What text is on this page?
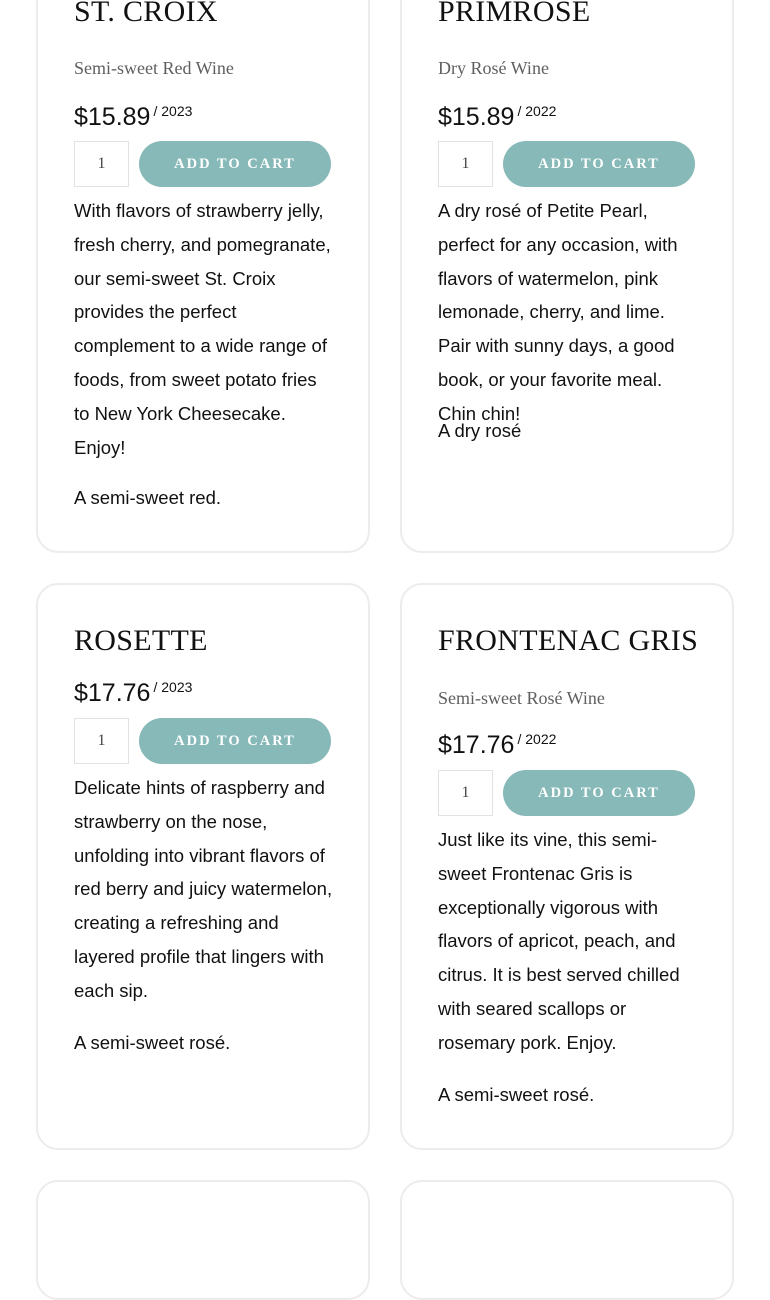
ST. CROIX

Semi-sweet Red Wine

$15.89 / 2023
1
ADD TO CART

With flavors of strawberry jelly, fresh cherry, and pomegranate, our semi-sweet St. Croix provides the perfect complement to a wide range of foods, from sweet potato fries to New York Cheesecake. Enjoy!

A semi-sweet red.

PRIMROSE

Dry Rosé Wine

$15.89 / 2022
1
ADD TO CART

A dry rosé of Petite Pearl, perfect for any occasion, with flavors of watermelon, pink lemonade, cherry, and lime. Pair with sunny days, a good book, or your favorite meal. Chin chin!

A dry rosé

ROSETTE
$17.76 / 2023
1
ADD TO CART

Delicate hints of raspberry and strawberry on the nose, unfolding into vibrant flavors of red berry and juicy watermelon, creating a refreshing and layered profile that lingers with each sip.

A semi-sweet rosé.

FRONTENAC GRIS

Semi-sweet Rosé Wine

$17.76 / 2022
1
ADD TO CART

Just like its vine, this semi-sweet Frontenac Gris is exceptionally vigorous with flavors of apricot, peach, and citrus. It is best served chilled with seared scallops or rosemary pork. Enjoy.

A semi-sweet rosé.
